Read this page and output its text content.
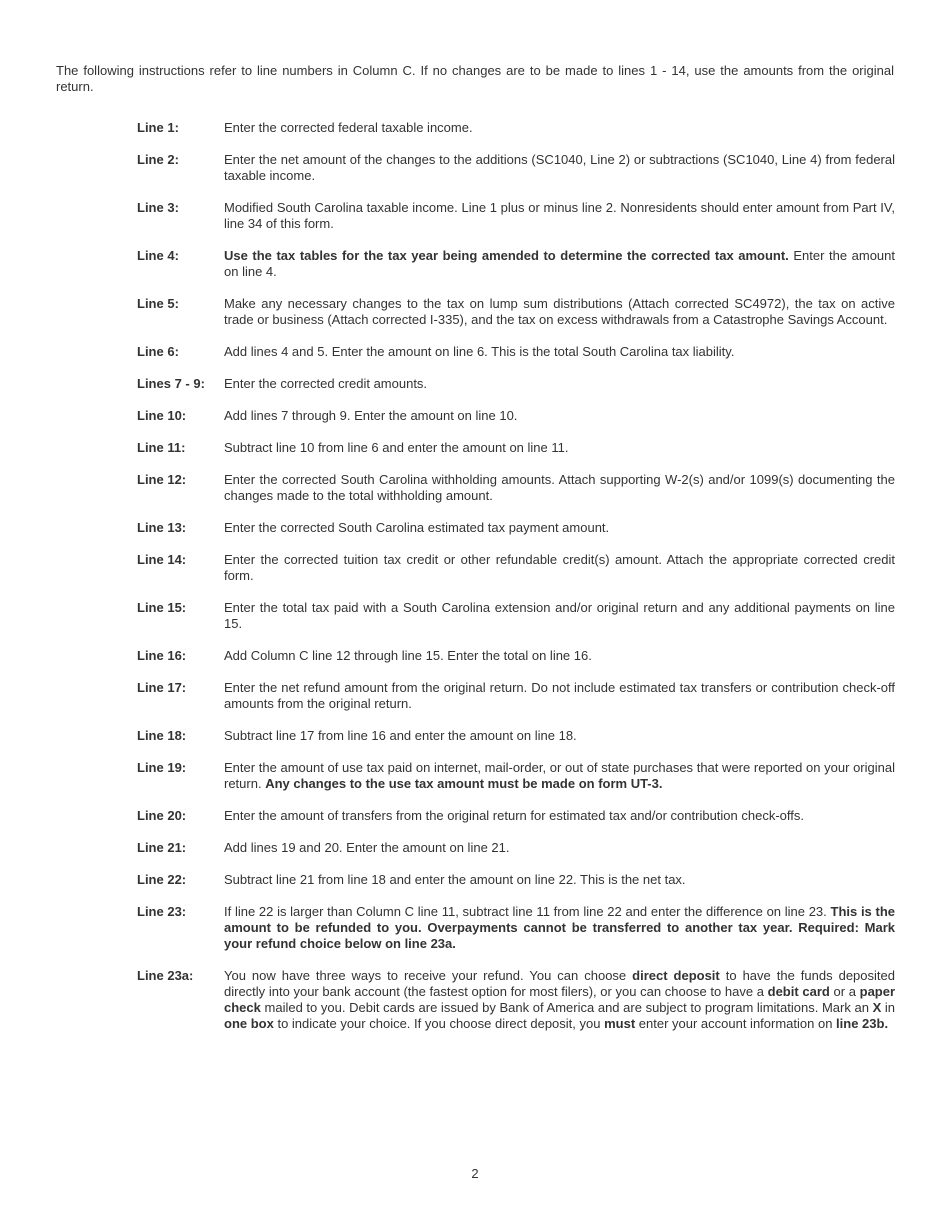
The following instructions refer to line numbers in Column C. If no changes are to be made to lines 1 - 14, use the amounts from the original return.

Line 1:	Enter the corrected federal taxable income.
Line 2:	Enter the net amount of the changes to the additions (SC1040, Line 2) or subtractions (SC1040, Line 4) from federal taxable income.
Line 3:	Modified South Carolina taxable income. Line 1 plus or minus line 2. Nonresidents should enter amount from Part IV, line 34 of this form.
Line 4:	Use the tax tables for the tax year being amended to determine the corrected tax amount. Enter the amount on line 4.
Line 5:	Make any necessary changes to the tax on lump sum distributions (Attach corrected SC4972), the tax on active trade or business (Attach corrected I-335), and the tax on excess withdrawals from a Catastrophe Savings Account.
Line 6:	Add lines 4 and 5. Enter the amount on line 6. This is the total South Carolina tax liability.
Lines 7 - 9:	Enter the corrected credit amounts.
Line 10:	Add lines 7 through 9. Enter the amount on line 10.
Line 11:	Subtract line 10 from line 6 and enter the amount on line 11.
Line 12:	Enter the corrected South Carolina withholding amounts. Attach supporting W-2(s) and/or 1099(s) documenting the changes made to the total withholding amount.
Line 13:	Enter the corrected South Carolina estimated tax payment amount.
Line 14:	Enter the corrected tuition tax credit or other refundable credit(s) amount. Attach the appropriate corrected credit form.
Line 15:	Enter the total tax paid with a South Carolina extension and/or original return and any additional payments on line 15.
Line 16:	Add Column C line 12 through line 15. Enter the total on line 16.
Line 17:	Enter the net refund amount from the original return. Do not include estimated tax transfers or contribution check-off amounts from the original return.
Line 18:	Subtract line 17 from line 16 and enter the amount on line 18.
Line 19:	Enter the amount of use tax paid on internet, mail-order, or out of state purchases that were reported on your original return. Any changes to the use tax amount must be made on form UT-3.
Line 20:	Enter the amount of transfers from the original return for estimated tax and/or contribution check-offs.
Line 21:	Add lines 19 and 20. Enter the amount on line 21.
Line 22:	Subtract line 21 from line 18 and enter the amount on line 22. This is the net tax.
Line 23:	If line 22 is larger than Column C line 11, subtract line 11 from line 22 and enter the difference on line 23. This is the amount to be refunded to you. Overpayments cannot be transferred to another tax year. Required: Mark your refund choice below on line 23a.
Line 23a:	You now have three ways to receive your refund. You can choose direct deposit to have the funds deposited directly into your bank account (the fastest option for most filers), or you can choose to have a debit card or a paper check mailed to you. Debit cards are issued by Bank of America and are subject to program limitations. Mark an X in one box to indicate your choice. If you choose direct deposit, you must enter your account information on line 23b.
2
